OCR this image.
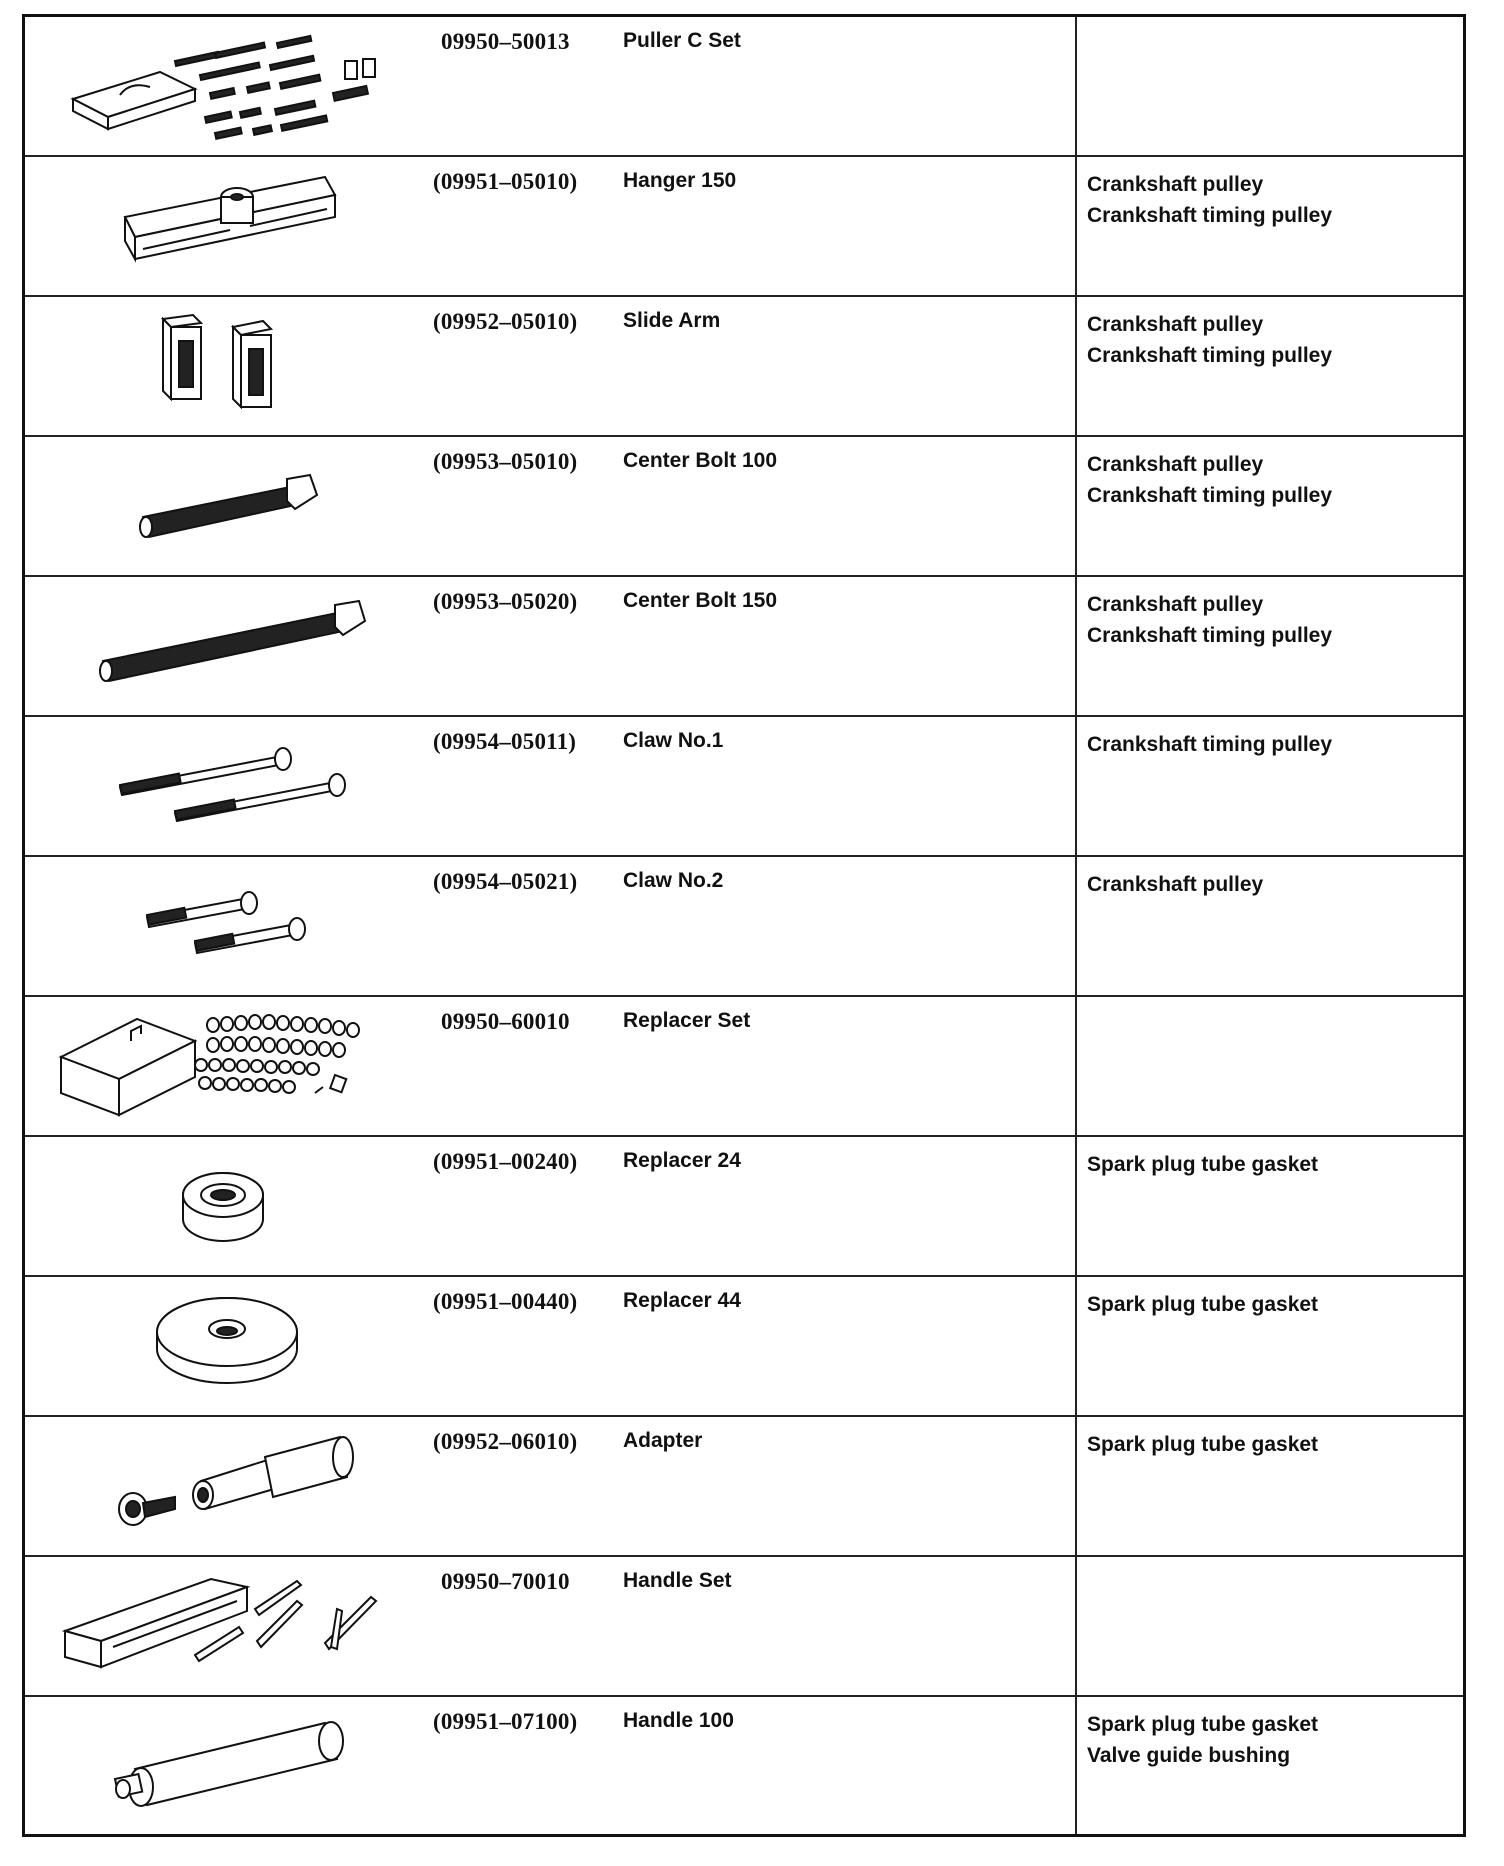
09950–50013	Puller C Set	

(09951–05010)	Hanger 150	Crankshaft pulley
Crankshaft timing pulley

(09952–05010)	Slide Arm	Crankshaft pulley
Crankshaft timing pulley

(09953–05010)	Center Bolt 100	Crankshaft pulley
Crankshaft timing pulley

(09953–05020)	Center Bolt 150	Crankshaft pulley
Crankshaft timing pulley

(09954–05011)	Claw No.1	Crankshaft timing pulley

(09954–05021)	Claw No.2	Crankshaft pulley

09950–60010	Replacer Set	

(09951–00240)	Replacer 24	Spark plug tube gasket

(09951–00440)	Replacer 44	Spark plug tube gasket

(09952–06010)	Adapter	Spark plug tube gasket

09950–70010	Handle Set	

(09951–07100)	Handle 100	Spark plug tube gasket
Valve guide bushing
